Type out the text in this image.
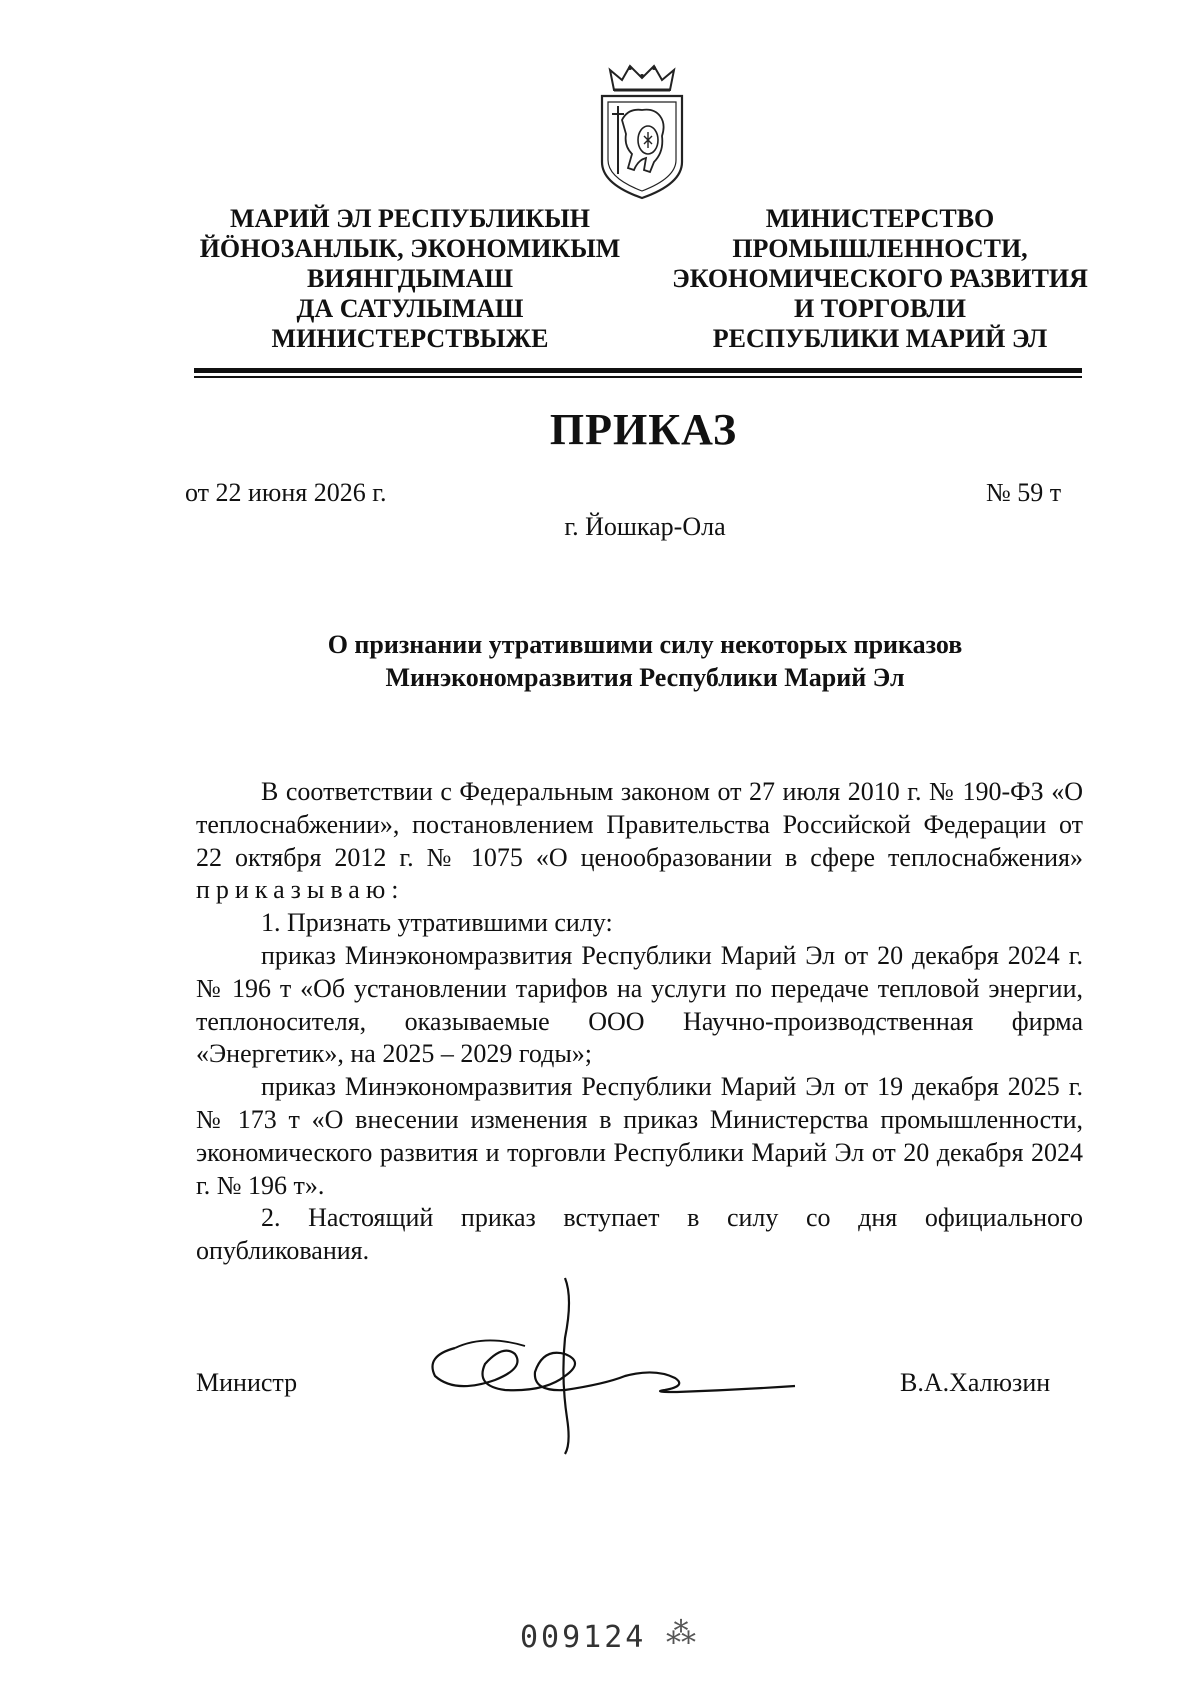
МАРИЙ ЭЛ РЕСПУБЛИКЫН
ЙӦНОЗАНЛЫК, ЭКОНОМИКЫМ
ВИЯНГДЫМАШ
ДА САТУЛЫМАШ
МИНИСТЕРСТВЫЖЕ
МИНИСТЕРСТВО
ПРОМЫШЛЕННОСТИ,
ЭКОНОМИЧЕСКОГО РАЗВИТИЯ
И ТОРГОВЛИ
РЕСПУБЛИКИ МАРИЙ ЭЛ
ПРИКАЗ
от 22 июня 2026 г.	№ 59 т
г. Йошкар-Ола
О признании утратившими силу некоторых приказов
Минэкономразвития Республики Марий Эл

В соответствии с Федеральным законом от 27 июля 2010 г. № 190-ФЗ «О теплоснабжении», постановлением Правительства Российской Федерации от 22 октября 2012 г. № 1075 «О ценообразовании в сфере теплоснабжения» приказываю:

1. Признать утратившими силу:

приказ Минэкономразвития Республики Марий Эл от 20 декабря 2024 г. № 196 т «Об установлении тарифов на услуги по передаче тепловой энергии, теплоносителя, оказываемые ООО Научно-производственная фирма «Энергетик», на 2025 – 2029 годы»;

приказ Минэкономразвития Республики Марий Эл от 19 декабря 2025 г. № 173 т «О внесении изменения в приказ Министерства промышленности, экономического развития и торговли Республики Марий Эл от 20 декабря 2024 г. № 196 т».

2. Настоящий приказ вступает в силу со дня официального опубликования.

Министр	В.А.Халюзин
009124 ⁂
